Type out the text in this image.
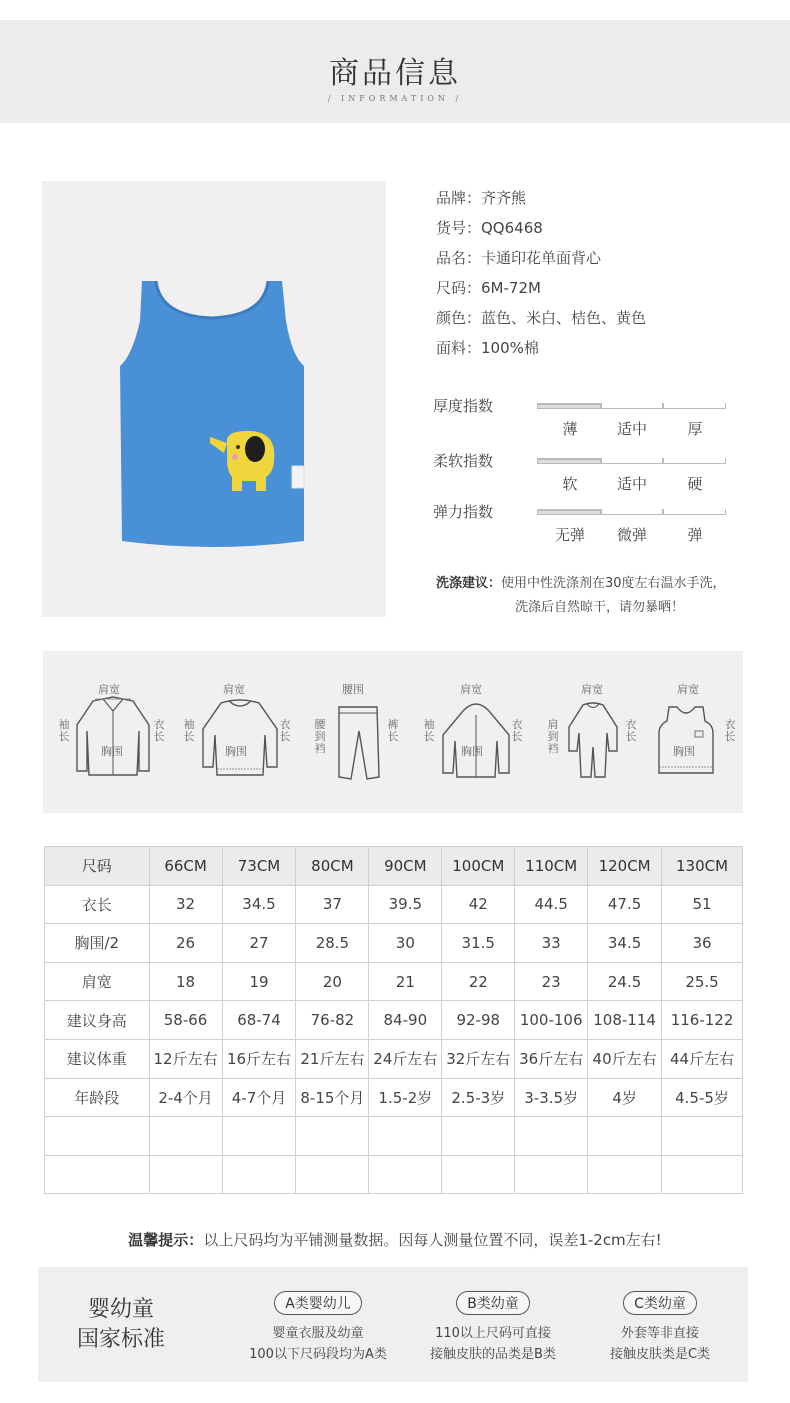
商品信息
/ INFORMATION /
品牌：齐齐熊
货号：QQ6468
品名：卡通印花单面背心
尺码：6M-72M
颜色：蓝色、米白、桔色、黄色
面料：100%棉
厚度指数
薄	适中	厚
柔软指数
软	适中	硬
弹力指数
无弹	微弹	弹
洗涤建议：使用中性洗涤剂在30度左右温水手洗，
洗涤后自然晾干，请勿暴晒！
肩宽
袖
长
衣
长
胸围
肩宽
袖
长
衣
长
胸围
腰围
腰
到
裆
裤
长
肩宽
袖
长
衣
长
胸围
肩宽
肩
到
裆
衣
长
肩宽
衣
长
胸围
尺码	66CM	73CM	80CM	90CM	100CM	110CM	120CM	130CM
衣长	32	34.5	37	39.5	42	44.5	47.5	51
胸围/2	26	27	28.5	30	31.5	33	34.5	36
肩宽	18	19	20	21	22	23	24.5	25.5
建议身高	58-66	68-74	76-82	84-90	92-98	100-106	108-114	116-122
建议体重	12斤左右	16斤左右	21斤左右	24斤左右	32斤左右	36斤左右	40斤左右	44斤左右
年龄段	2-4个月	4-7个月	8-15个月	1.5-2岁	2.5-3岁	3-3.5岁	4岁	4.5-5岁

温馨提示：以上尺码均为平铺测量数据。因每人测量位置不同，误差1-2cm左右!
婴幼童
国家标准
A类婴幼儿
婴童衣服及幼童
100以下尺码段均为A类
B类幼童
110以上尺码可直接
接触皮肤的品类是B类
C类幼童
外套等非直接
接触皮肤类是C类
